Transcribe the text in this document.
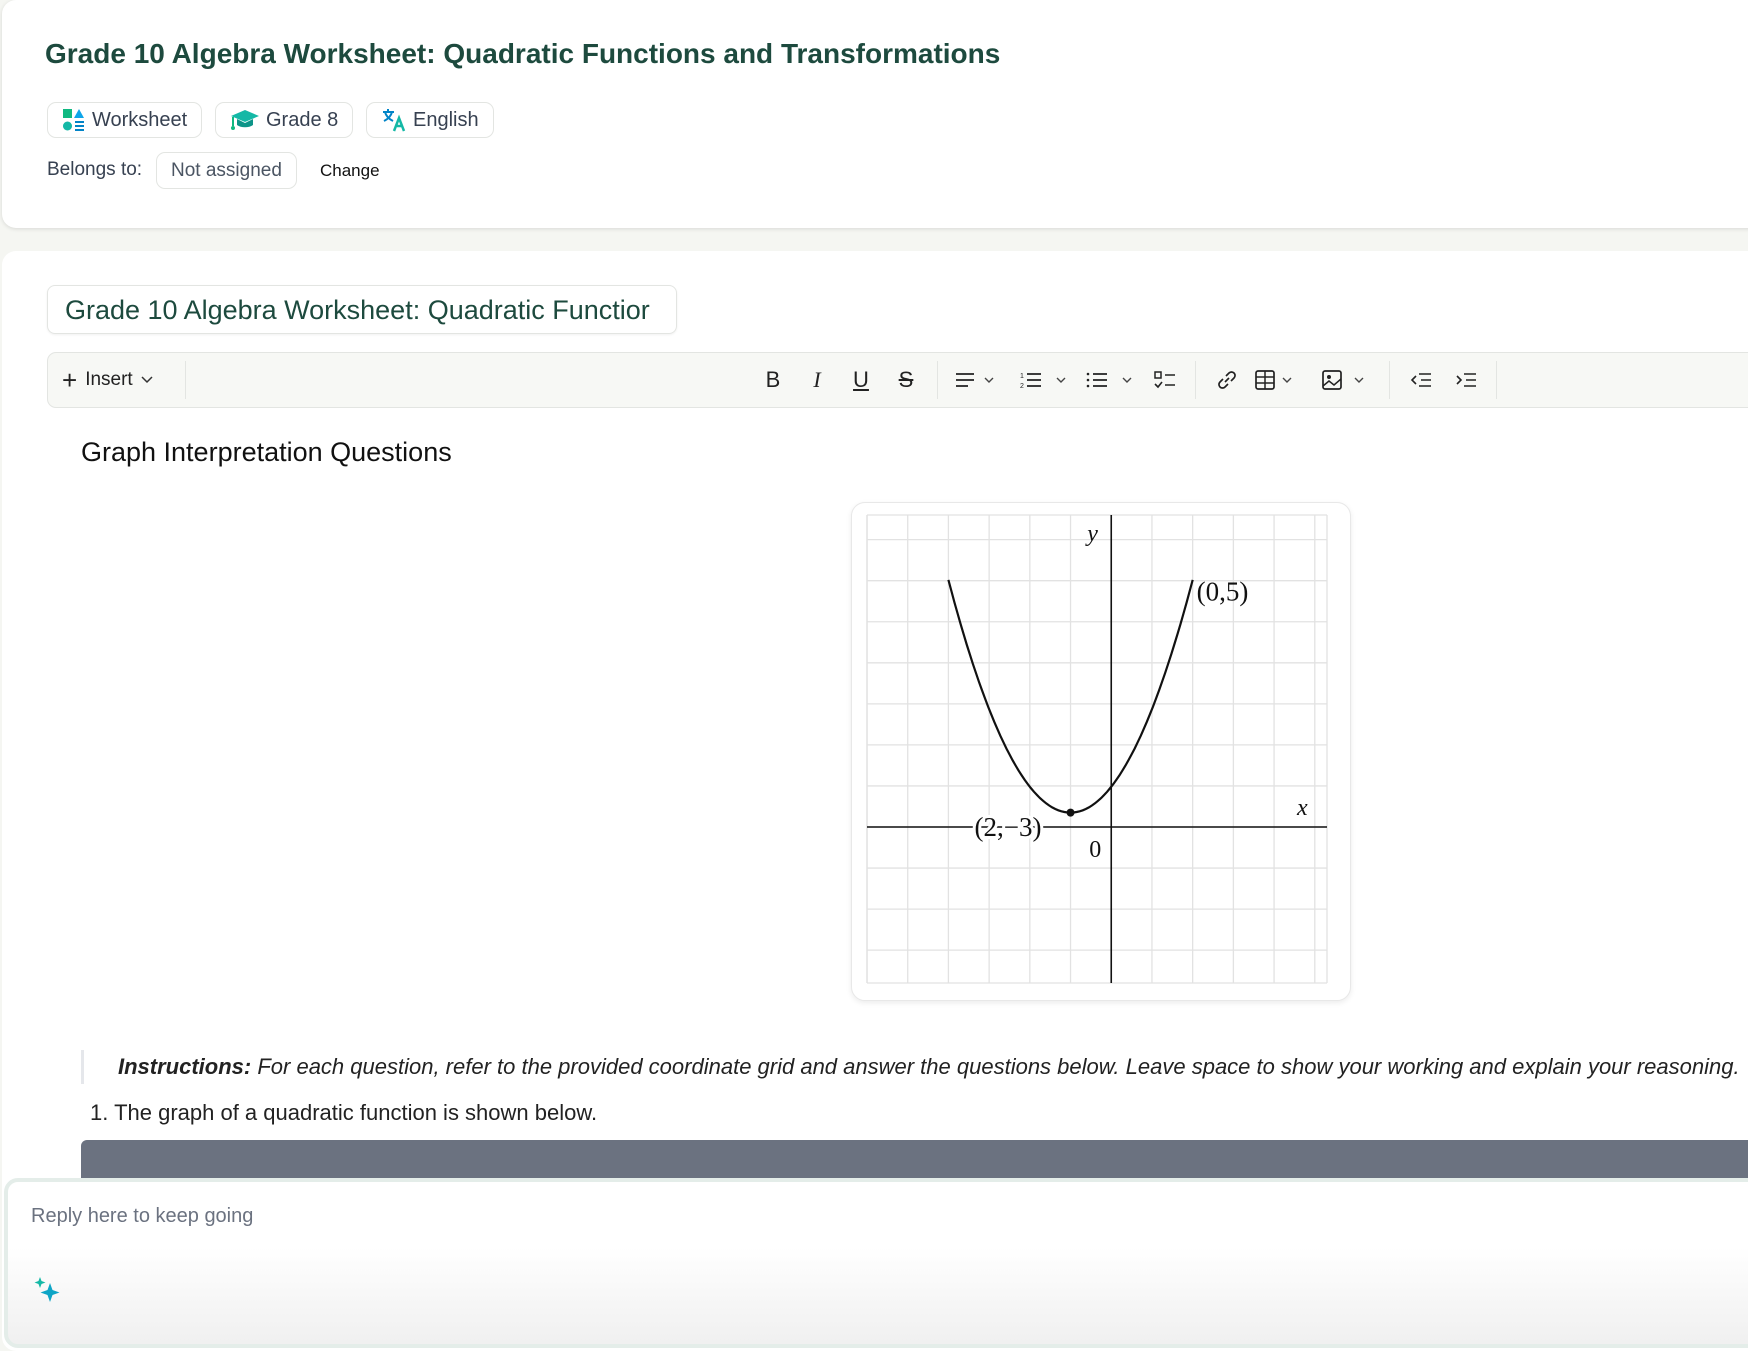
Grade 10 Algebra Worksheet: Quadratic Functions and Transformations
Worksheet	Grade 8	English
Belongs to:	Not assigned	Change
Grade 10 Algebra Worksheet: Quadratic Functior
+ Insert	B I U S	1
2
Graph Interpretation Questions
(2,−3)
(0,5)
x
y
0
Instructions: For each question, refer to the provided coordinate grid and answer the questions below. Leave space to show your working and explain your reasoning.
1. The graph of a quadratic function is shown below.
Reply here to keep going
